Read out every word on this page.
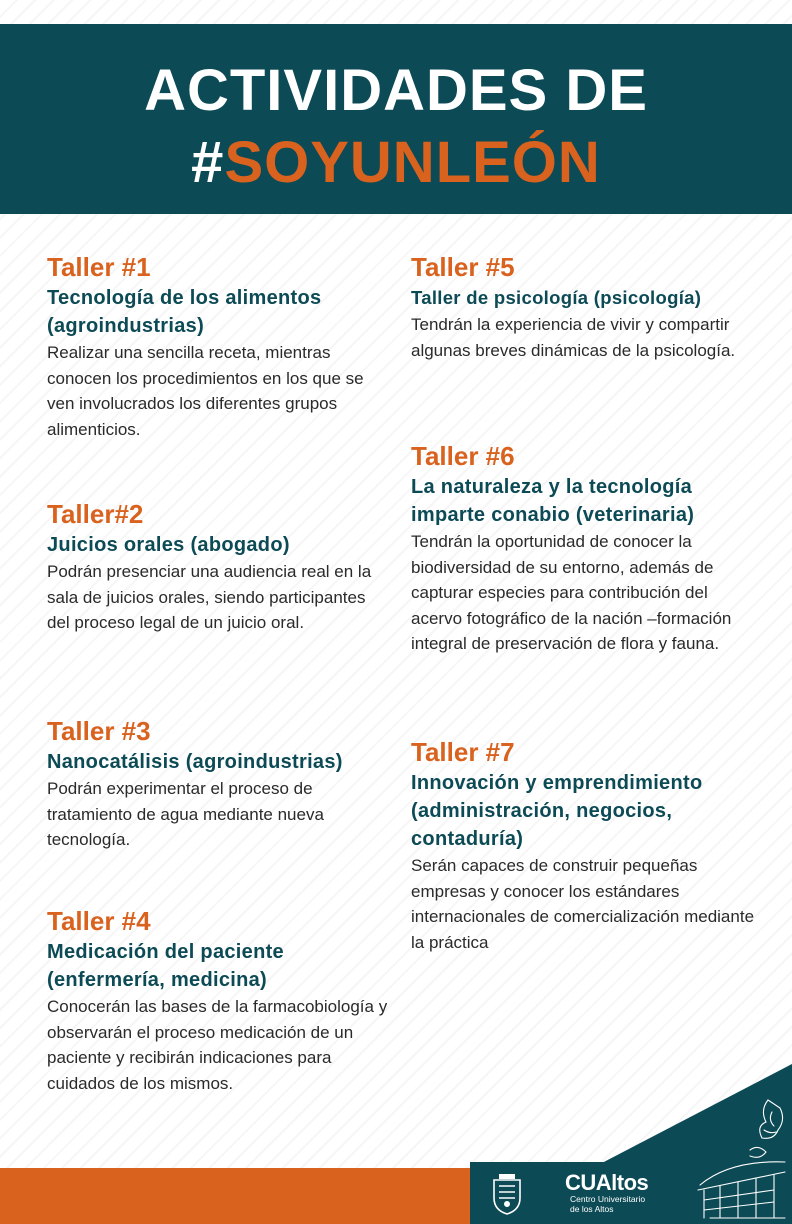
ACTIVIDADES DE
#SOYUNLEÓN
Taller #1
Tecnología de los alimentos (agroindustrias)
Realizar una sencilla receta, mientras conocen los procedimientos en los que se ven involucrados los diferentes grupos alimenticios.
Taller#2
Juicios orales (abogado)
Podrán presenciar una audiencia real en la sala de juicios orales, siendo participantes del proceso legal de un juicio oral.
Taller #3
Nanocatálisis (agroindustrias)
Podrán experimentar el proceso de tratamiento de agua mediante nueva tecnología.
Taller #4
Medicación del paciente (enfermería, medicina)
Conocerán las bases de la farmacobiología y observarán el proceso medicación de un paciente y recibirán indicaciones para cuidados de los mismos.
Taller #5
Taller de psicología (psicología)
Tendrán la experiencia de vivir y compartir algunas breves dinámicas de la psicología.
Taller #6
La naturaleza y la tecnología imparte conabio (veterinaria)
Tendrán la oportunidad de conocer la biodiversidad de su entorno, además de capturar especies para contribución del acervo fotográfico de la nación –formación integral de preservación de flora y fauna.
Taller #7
Innovación y emprendimiento (administración, negocios, contaduría)
Serán capaces de construir pequeñas empresas y conocer los estándares internacionales de comercialización mediante la práctica
CUAltos
Centro Universitario
de los Altos
